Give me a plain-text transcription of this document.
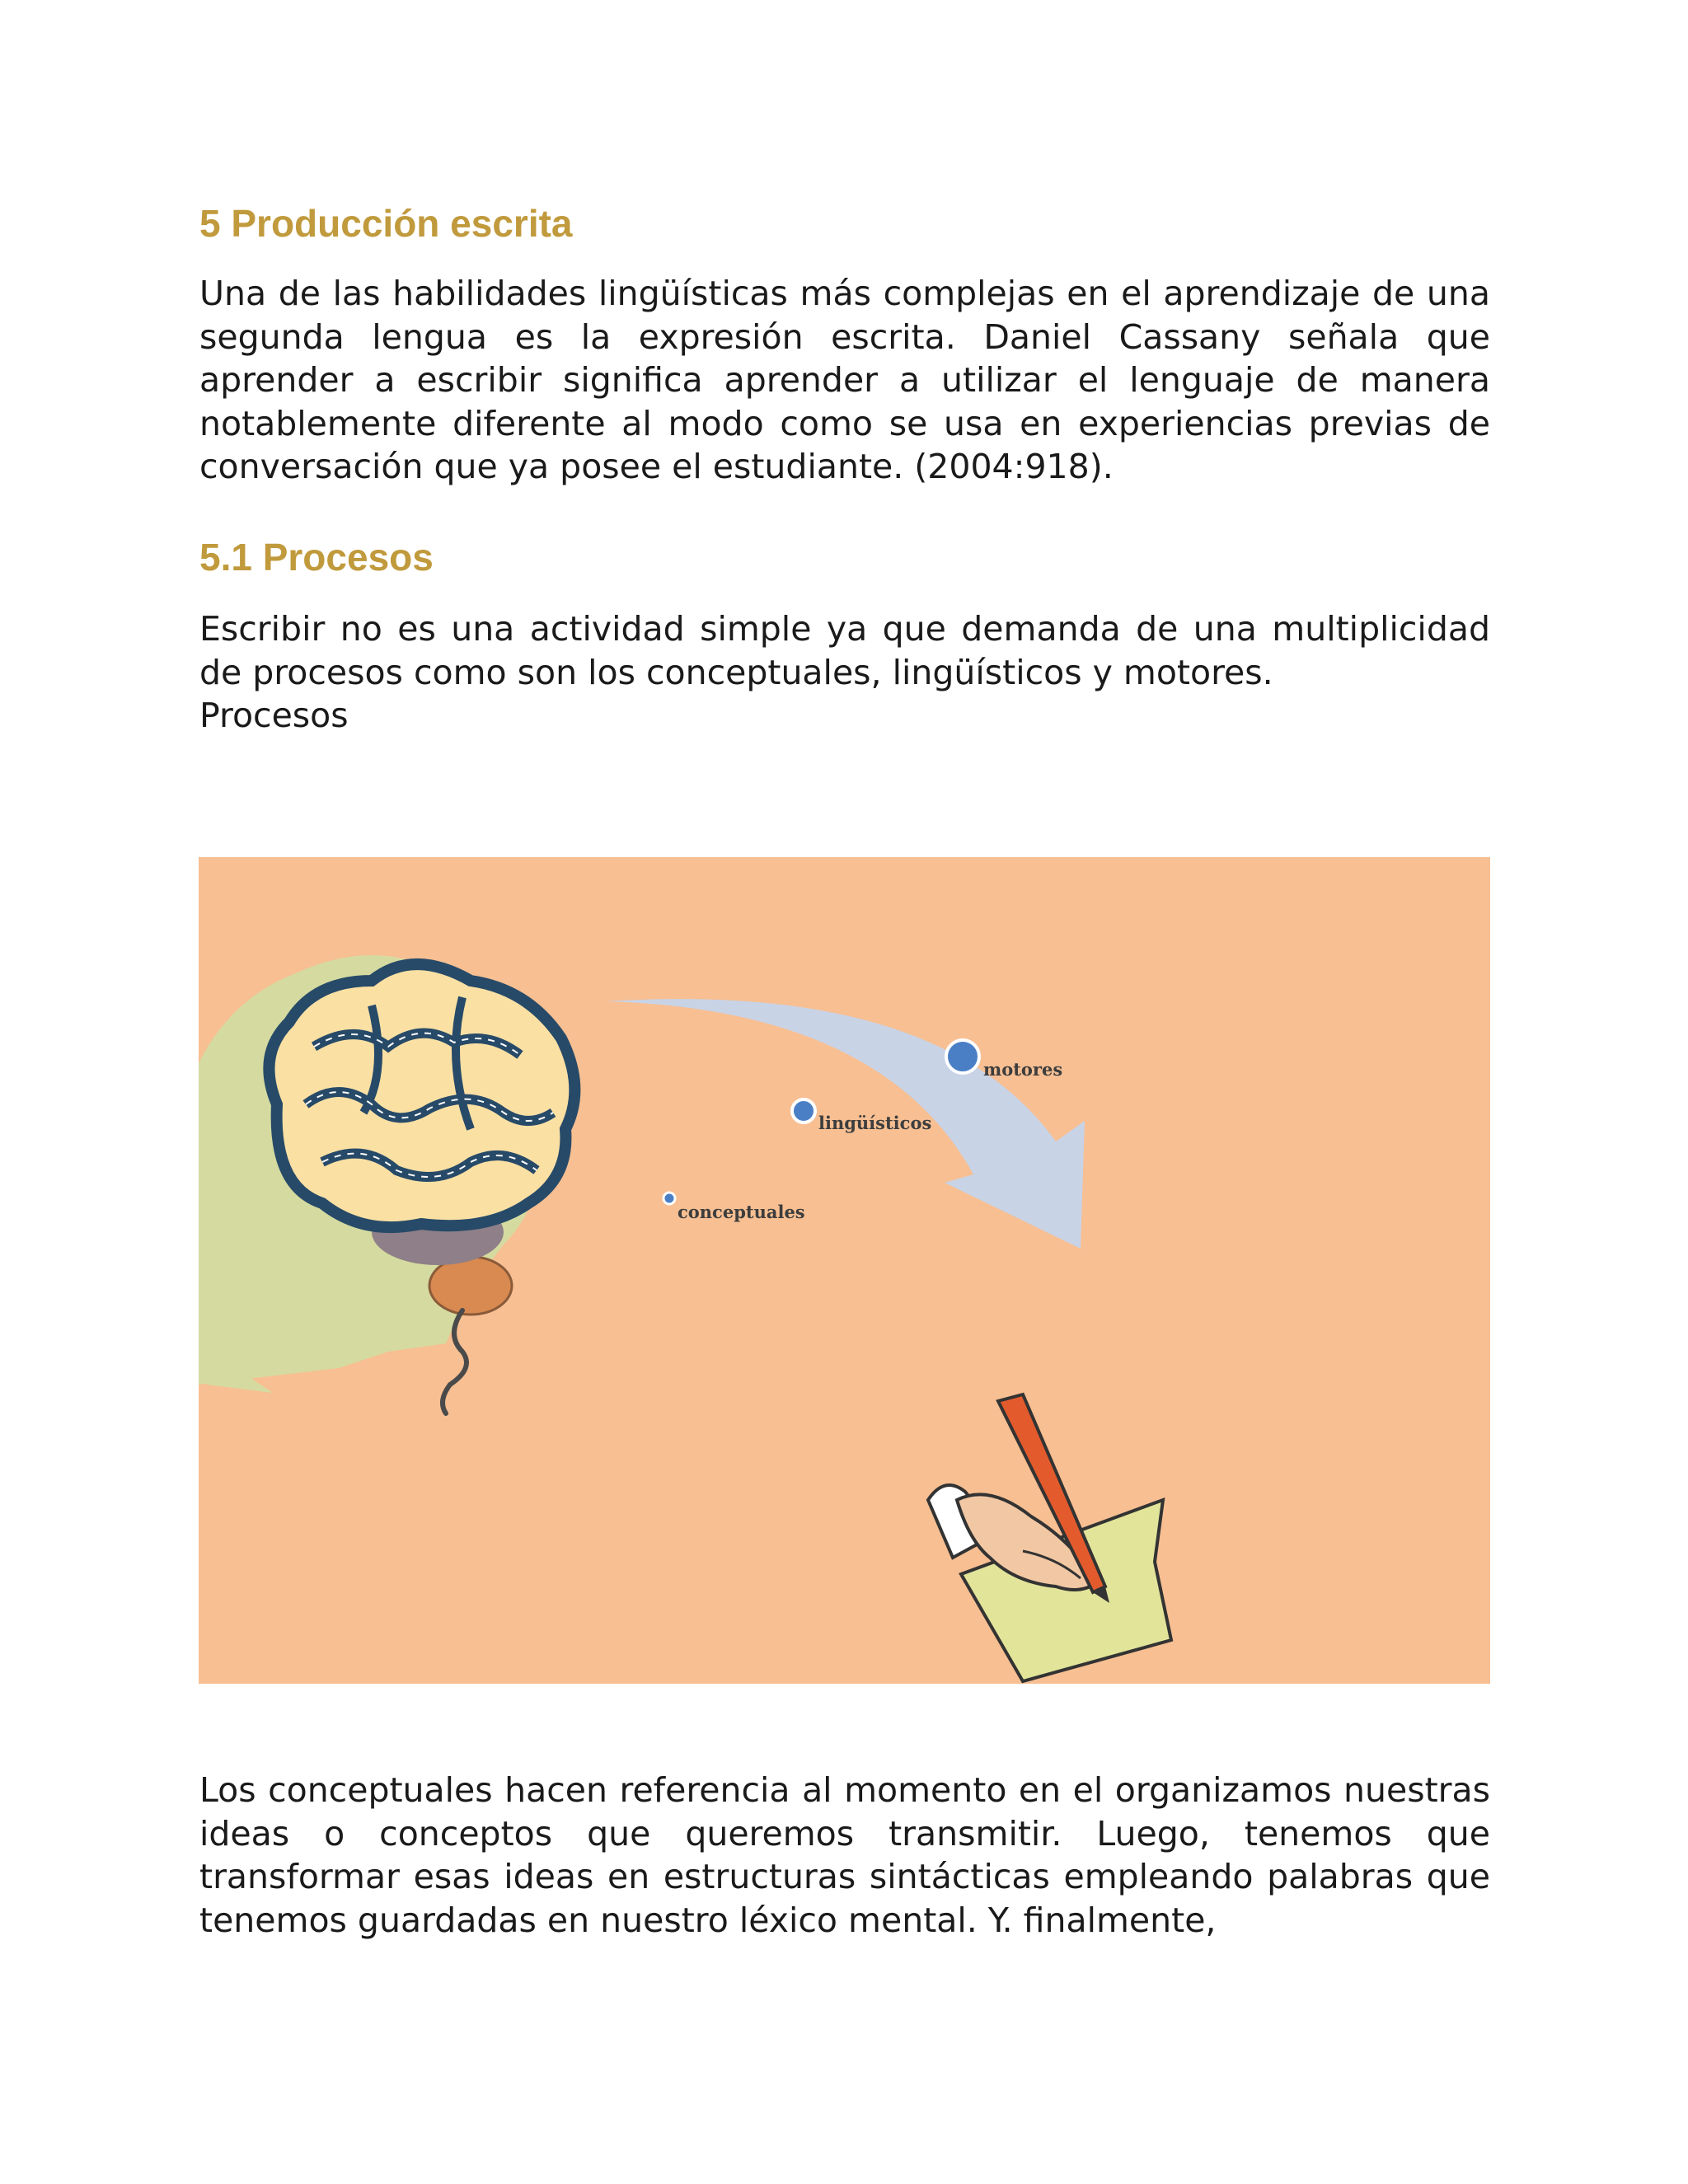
5 Producción escrita

Una de las habilidades lingüísticas más complejas en el aprendizaje de una segunda lengua es la expresión escrita. Daniel Cassany señala que aprender a escribir significa aprender a utilizar el lenguaje de manera notablemente diferente al modo como se usa en experiencias previas de conversación que ya posee el estudiante. (2004:918).

5.1 Procesos

Escribir no es una actividad simple ya que demanda de una multiplicidad de procesos como son los conceptuales, lingüísticos y motores.

Procesos

conceptuales
lingüísticos
motores

Los conceptuales hacen referencia al momento en el organizamos nuestras ideas o conceptos que queremos transmitir. Luego, tenemos que transformar esas ideas en estructuras sintácticas empleando palabras que tenemos guardadas en nuestro léxico mental. Y. finalmente,
